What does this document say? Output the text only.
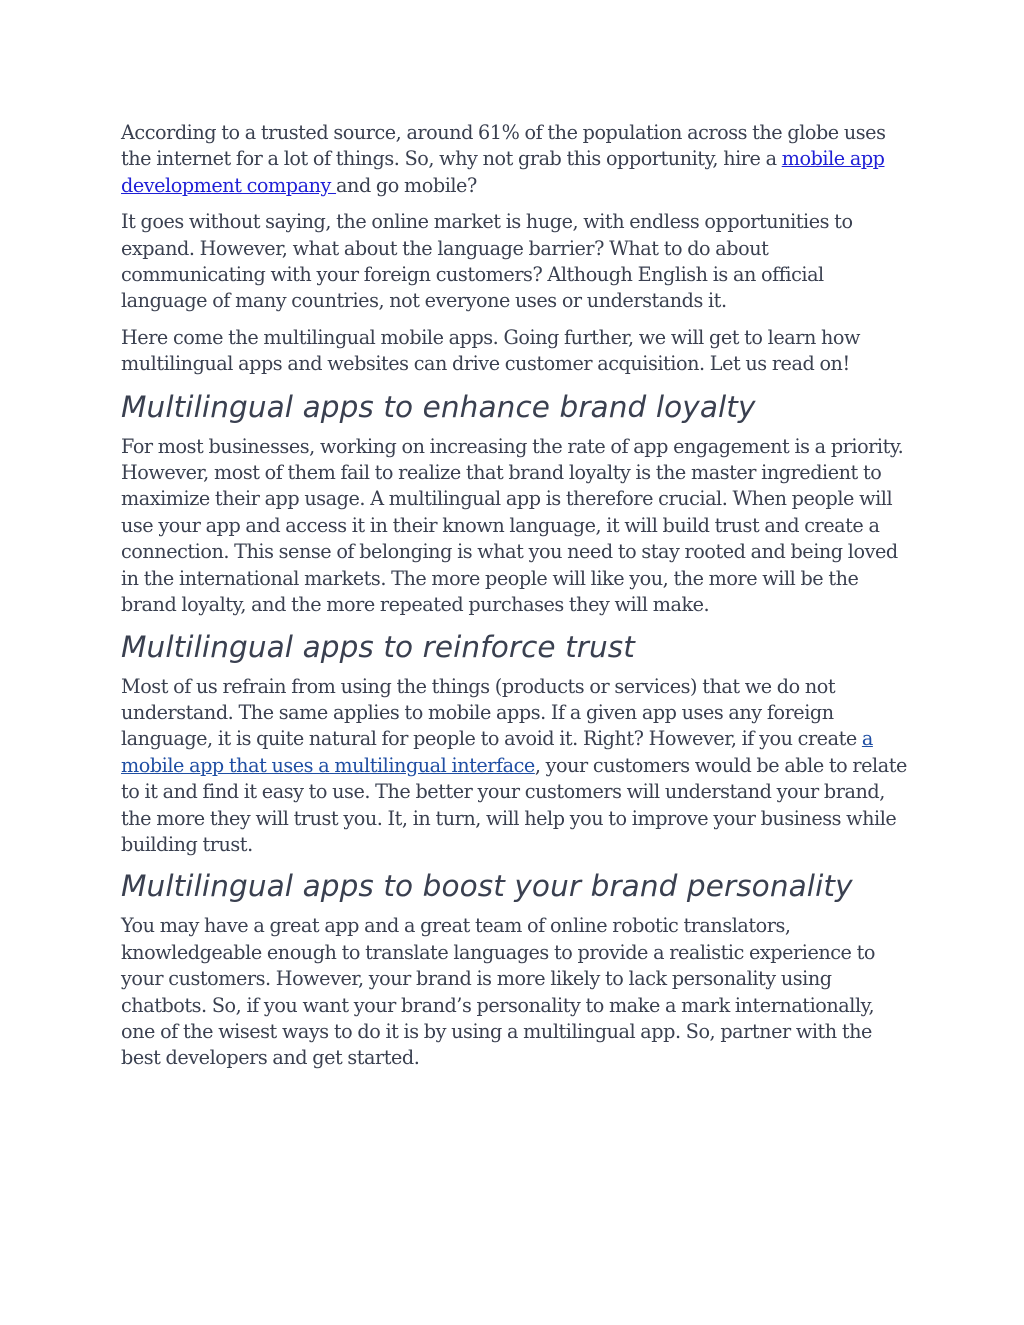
According to a trusted source, around 61% of the population across the globe uses the internet for a lot of things. So, why not grab this opportunity, hire a mobile app development company and go mobile?

It goes without saying, the online market is huge, with endless opportunities to expand. However, what about the language barrier? What to do about communicating with your foreign customers? Although English is an official language of many countries, not everyone uses or understands it.

Here come the multilingual mobile apps. Going further, we will get to learn how multilingual apps and websites can drive customer acquisition. Let us read on!

Multilingual apps to enhance brand loyalty

For most businesses, working on increasing the rate of app engagement is a priority. However, most of them fail to realize that brand loyalty is the master ingredient to maximize their app usage. A multilingual app is therefore crucial. When people will use your app and access it in their known language, it will build trust and create a connection. This sense of belonging is what you need to stay rooted and being loved in the international markets. The more people will like you, the more will be the brand loyalty, and the more repeated purchases they will make.

Multilingual apps to reinforce trust

Most of us refrain from using the things (products or services) that we do not understand. The same applies to mobile apps. If a given app uses any foreign language, it is quite natural for people to avoid it. Right? However, if you create a mobile app that uses a multilingual interface, your customers would be able to relate to it and find it easy to use. The better your customers will understand your brand, the more they will trust you. It, in turn, will help you to improve your business while building trust.

Multilingual apps to boost your brand personality

You may have a great app and a great team of online robotic translators, knowledgeable enough to translate languages to provide a realistic experience to your customers. However, your brand is more likely to lack personality using chatbots. So, if you want your brand’s personality to make a mark internationally, one of the wisest ways to do it is by using a multilingual app. So, partner with the best developers and get started.
